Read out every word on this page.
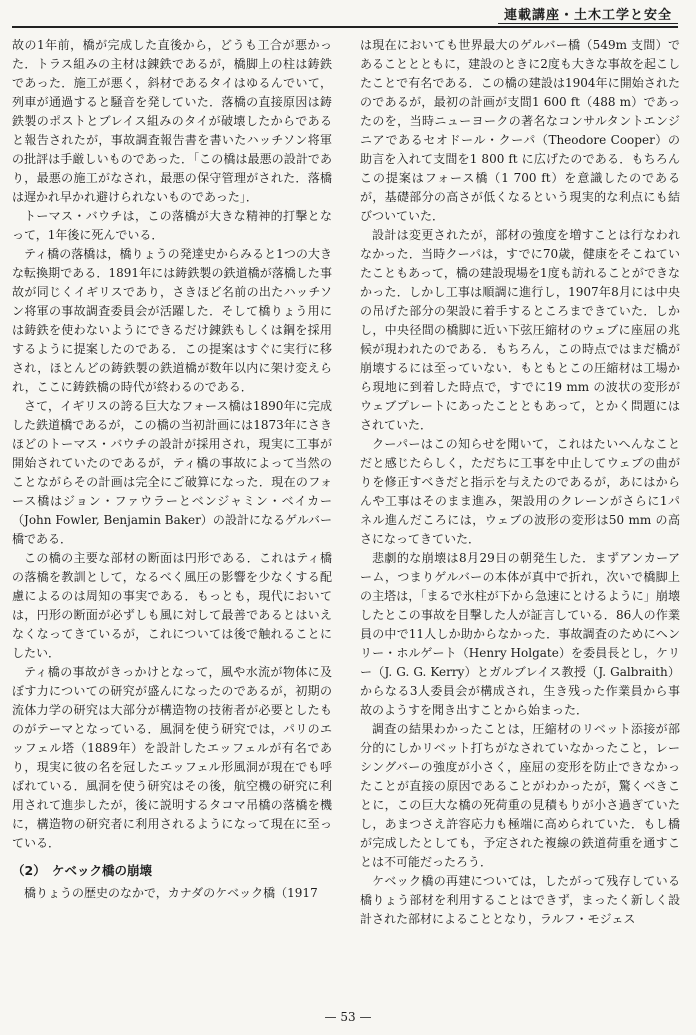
連載講座・土木工学と安全

故の1年前，橋が完成した直後から，どうも工合が悪かった．トラス組みの主材は錬鉄であるが，橋脚上の柱は鋳鉄であった．施工が悪く，斜材であるタイはゆるんでいて，列車が通過すると騒音を発していた．落橋の直接原因は鋳鉄製のポストとブレイス組みのタイが破壊したからであると報告されたが，事故調査報告書を書いたハッチソン将軍の批評は手厳しいものであった．「この橋は最悪の設計であり，最悪の施工がなされ，最悪の保守管理がされた．落橋は遅かれ早かれ避けられないものであった」．

トーマス・バウチは，この落橋が大きな精神的打撃となって，1年後に死んでいる．

ティ橋の落橋は，橋りょうの発達史からみると1つの大きな転換期である．1891年には鋳鉄製の鉄道橋が落橋した事故が同じくイギリスであり，さきほど名前の出たハッチソン将軍の事故調査委員会が活躍した．そして橋りょう用には鋳鉄を使わないようにできるだけ錬鉄もしくは鋼を採用するように提案したのである．この提案はすぐに実行に移され，ほとんどの鋳鉄製の鉄道橋が数年以内に架け変えられ，ここに鋳鉄橋の時代が終わるのである．

さて，イギリスの誇る巨大なフォース橋は1890年に完成した鉄道橋であるが，この橋の当初計画には1873年にさきほどのトーマス・バウチの設計が採用され，現実に工事が開始されていたのであるが，ティ橋の事故によって当然のことながらその計画は完全にご破算になった．現在のフォース橋はジョン・ファウラーとベンジャミン・ベイカー（John Fowler, Benjamin Baker）の設計になるゲルバー橋である．

この橋の主要な部材の断面は円形である．これはティ橋の落橋を教訓として，なるべく風圧の影響を少なくする配慮によるのは周知の事実である．もっとも，現代においては，円形の断面が必ずしも風に対して最善であるとはいえなくなってきているが，これについては後で触れることにしたい．

ティ橋の事故がきっかけとなって，風や水流が物体に及ぼす力についての研究が盛んになったのであるが，初期の流体力学の研究は大部分が構造物の技術者が必要としたものがテーマとなっている．風洞を使う研究では，パリのエッフェル塔（1889年）を設計したエッフェルが有名であり，現実に彼の名を冠したエッフェル形風洞が現在でも呼ばれている．風洞を使う研究はその後，航空機の研究に利用されて進歩したが，後に説明するタコマ吊橋の落橋を機に，構造物の研究者に利用されるようになって現在に至っている．

（2）　ケベック橋の崩壊

橋りょうの歴史のなかで，カナダのケベック橋（1917

は現在においても世界最大のゲルバー橋（549m 支間）であることとともに，建設のときに2度も大きな事故を起こしたことで有名である．この橋の建設は1904年に開始されたのであるが，最初の計画が支間1 600 ft（488 m）であったのを，当時ニューヨークの著名なコンサルタントエンジニアであるセオドール・クーパ（Theodore Cooper）の助言を入れて支間を1 800 ft に広げたのである．もちろんこの提案はフォース橋（1 700 ft）を意識したのであるが，基礎部分の高さが低くなるという現実的な利点にも結びついていた．

設計は変更されたが，部材の強度を増すことは行なわれなかった．当時クーパは，すでに70歳，健康をそこねていたこともあって，橋の建設現場を1度も訪れることができなかった．しかし工事は順調に進行し，1907年8月には中央の吊げた部分の架設に着手するところまできていた．しかし，中央径間の橋脚に近い下弦圧縮材のウェブに座屈の兆候が現われたのである．もちろん，この時点ではまだ橋が崩壊するには至っていない．もともとこの圧縮材は工場から現地に到着した時点で，すでに19 mm の波状の変形がウェブプレートにあったことともあって，とかく問題にはされていた．

クーパーはこの知らせを聞いて，これはたいへんなことだと感じたらしく，ただちに工事を中止してウェブの曲がりを修正すべきだと指示を与えたのであるが，あにはからんや工事はそのまま進み，架設用のクレーンがさらに1パネル進んだころには，ウェブの波形の変形は50 mm の高さになってきていた．

悲劇的な崩壊は8月29日の朝発生した．まずアンカーアーム，つまりゲルバーの本体が真中で折れ，次いで橋脚上の主塔は，「まるで氷柱が下から急速にとけるように」崩壊したとこの事故を目撃した人が証言している．86人の作業員の中で11人しか助からなかった．事故調査のためにヘンリー・ホルゲート（Henry Holgate）を委員長とし，ケリー（J. G. G. Kerry）とガルブレイス教授（J. Galbraith）からなる3人委員会が構成され，生き残った作業員から事故のようすを聞き出すことから始まった．

調査の結果わかったことは，圧縮材のリベット添接が部分的にしかリベット打ちがなされていなかったこと，レーシングバーの強度が小さく，座屈の変形を防止できなかったことが直接の原因であることがわかったが，驚くべきことに，この巨大な橋の死荷重の見積もりが小さ過ぎていたし，あまつさえ許容応力も極端に高められていた．もし橋が完成したとしても，予定された複線の鉄道荷重を通すことは不可能だったろう．

ケベック橋の再建については，したがって残存している橋りょう部材を利用することはできず，まったく新しく設計された部材によることとなり，ラルフ・モジェス

— 53 —
